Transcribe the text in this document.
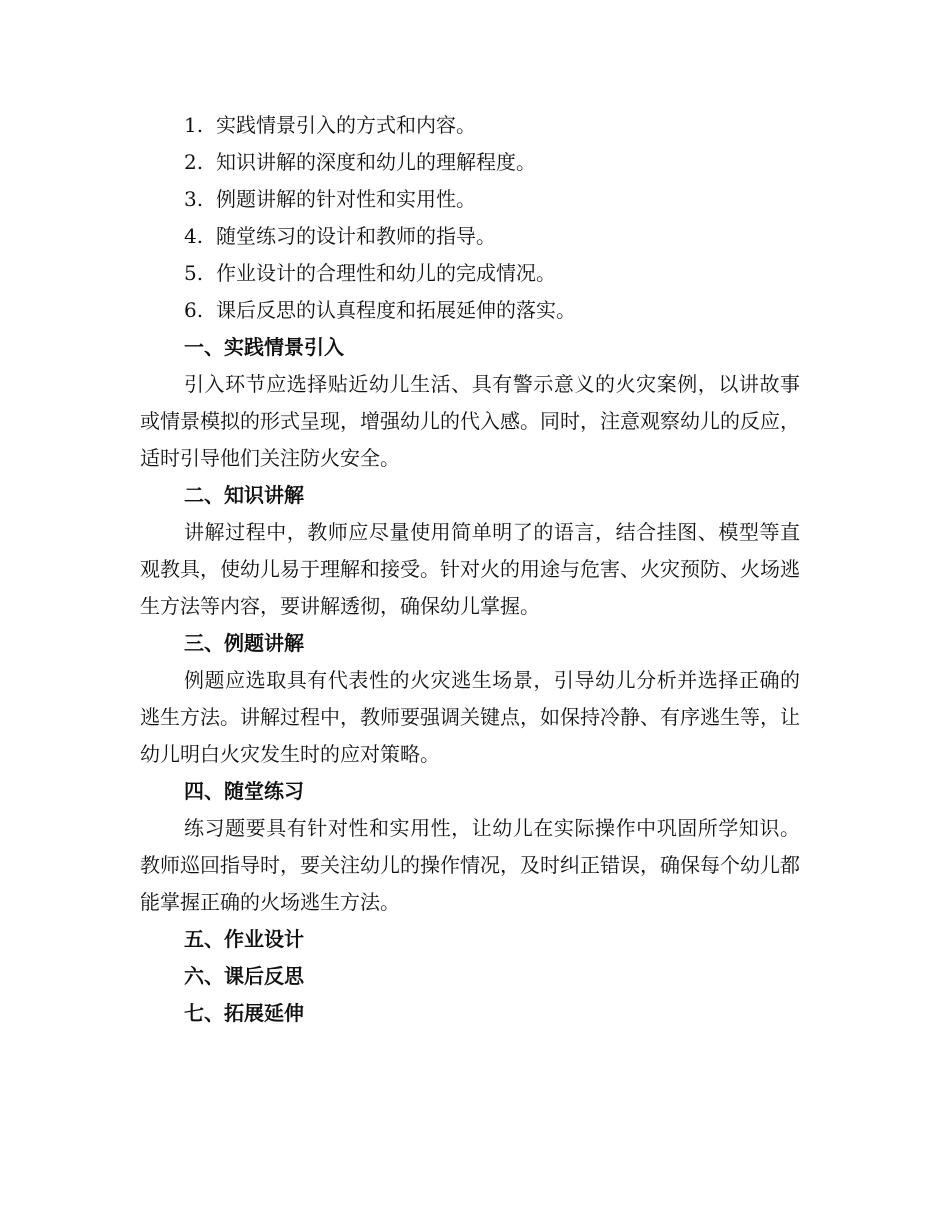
1. 实践情景引入的方式和内容。
2. 知识讲解的深度和幼儿的理解程度。
3. 例题讲解的针对性和实用性。
4. 随堂练习的设计和教师的指导。
5. 作业设计的合理性和幼儿的完成情况。
6. 课后反思的认真程度和拓展延伸的落实。
一、实践情景引入

引入环节应选择贴近幼儿生活、具有警示意义的火灾案例，以讲故事或情景模拟的形式呈现，增强幼儿的代入感。同时，注意观察幼儿的反应，适时引导他们关注防火安全。

二、知识讲解

讲解过程中，教师应尽量使用简单明了的语言，结合挂图、模型等直观教具，使幼儿易于理解和接受。针对火的用途与危害、火灾预防、火场逃生方法等内容，要讲解透彻，确保幼儿掌握。

三、例题讲解

例题应选取具有代表性的火灾逃生场景，引导幼儿分析并选择正确的逃生方法。讲解过程中，教师要强调关键点，如保持冷静、有序逃生等，让幼儿明白火灾发生时的应对策略。

四、随堂练习

练习题要具有针对性和实用性，让幼儿在实际操作中巩固所学知识。教师巡回指导时，要关注幼儿的操作情况，及时纠正错误，确保每个幼儿都能掌握正确的火场逃生方法。

五、作业设计
六、课后反思
七、拓展延伸
